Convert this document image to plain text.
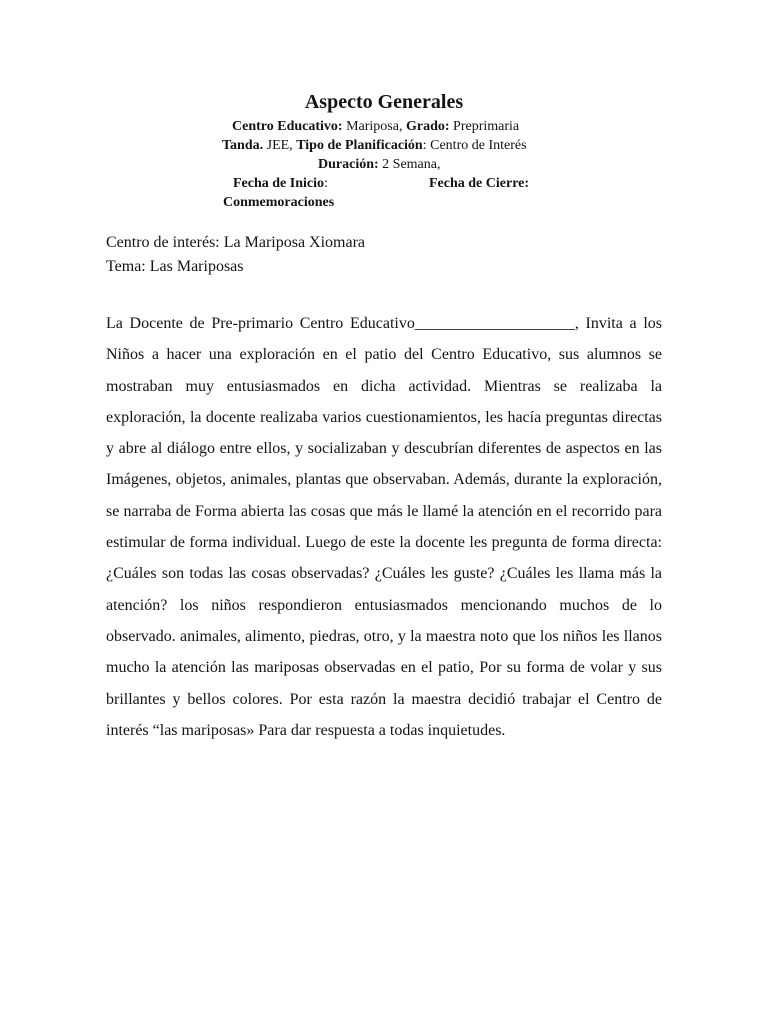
Aspecto Generales
Centro Educativo: Mariposa, Grado: Preprimaria
Tanda. JEE, Tipo de Planificación: Centro de Interés
Duración: 2 Semana,
Fecha de Inicio:	Fecha de Cierre:
Conmemoraciones
Centro de interés: La Mariposa Xiomara
Tema: Las Mariposas

La Docente de Pre-primario Centro Educativo____________________, Invita a los Niños a hacer una exploración en el patio del Centro Educativo, sus alumnos se mostraban muy entusiasmados en dicha actividad. Mientras se realizaba la exploración, la docente realizaba varios cuestionamientos, les hacía preguntas directas y abre al diálogo entre ellos, y socializaban y descubrían diferentes de aspectos en las Imágenes, objetos, animales, plantas que observaban. Además, durante la exploración, se narraba de Forma abierta las cosas que más le llamé la atención en el recorrido para estimular de forma individual. Luego de este la docente les pregunta de forma directa: ¿Cuáles son todas las cosas observadas? ¿Cuáles les guste? ¿Cuáles les llama más la atención? los niños respondieron entusiasmados mencionando muchos de lo observado. animales, alimento, piedras, otro, y la maestra noto que los niños les llanos mucho la atención las mariposas observadas en el patio, Por su forma de volar y sus brillantes y bellos colores. Por esta razón la maestra decidió trabajar el Centro de interés “las mariposas» Para dar respuesta a todas inquietudes.
